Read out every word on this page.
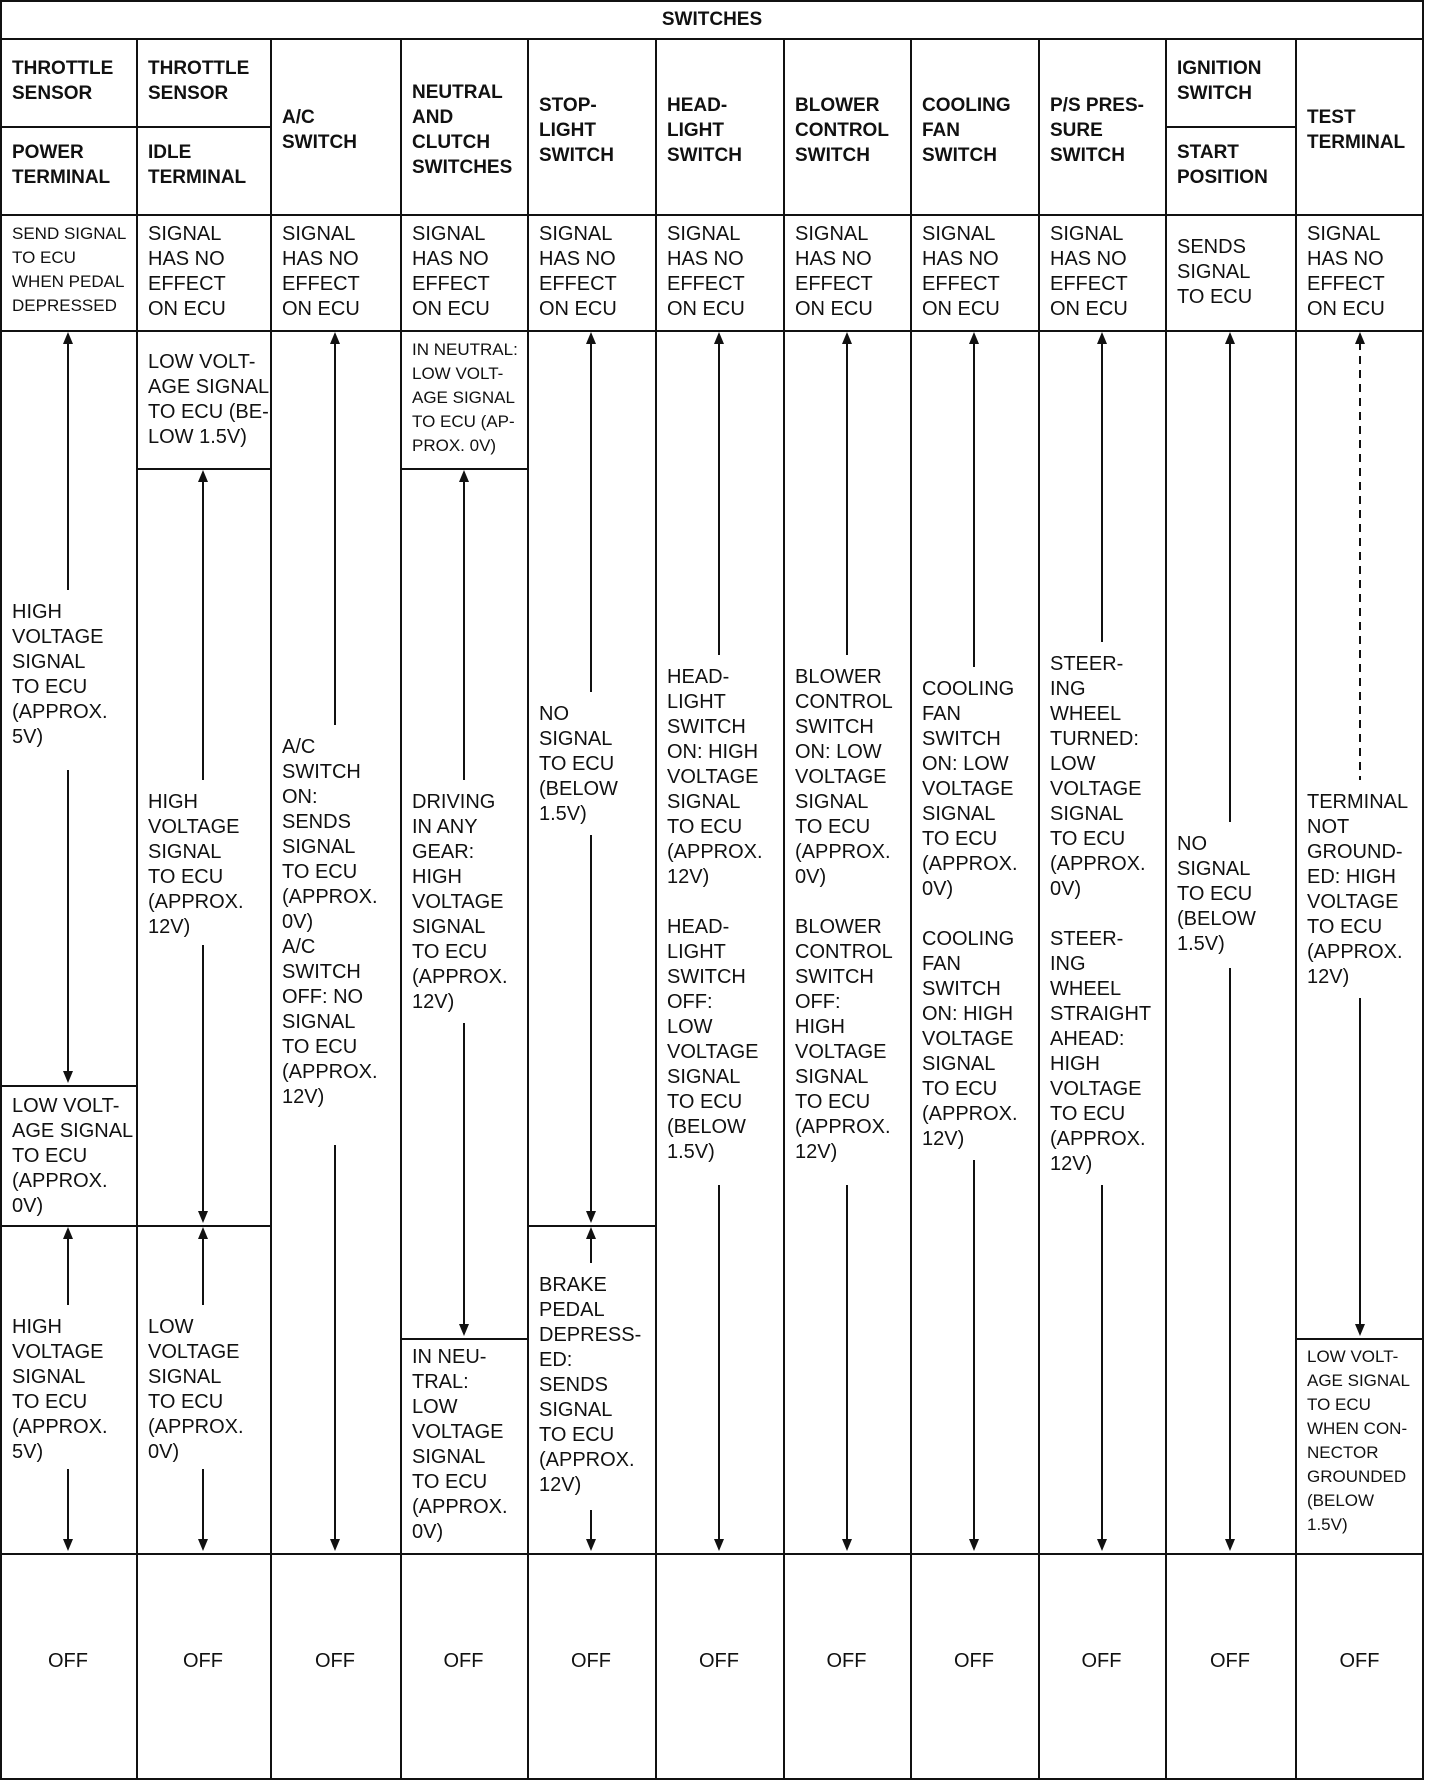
SWITCHES
THROTTLE
SENSOR
POWER
TERMINAL
SEND SIGNAL
TO ECU
WHEN PEDAL
DEPRESSED
HIGH
VOLTAGE
SIGNAL
TO ECU
(APPROX.
5V)
LOW VOLT-
AGE SIGNAL
TO ECU
(APPROX.
0V)
HIGH
VOLTAGE
SIGNAL
TO ECU
(APPROX.
5V)
OFF
THROTTLE
SENSOR
IDLE
TERMINAL
SIGNAL
HAS NO
EFFECT
ON ECU
LOW VOLT-
AGE SIGNAL
TO ECU (BE-
LOW 1.5V)
HIGH
VOLTAGE
SIGNAL
TO ECU
(APPROX.
12V)
LOW
VOLTAGE
SIGNAL
TO ECU
(APPROX.
0V)
OFF
A/C
SWITCH
SIGNAL
HAS NO
EFFECT
ON ECU
A/C
SWITCH
ON:
SENDS
SIGNAL
TO ECU
(APPROX.
0V)
A/C
SWITCH
OFF: NO
SIGNAL
TO ECU
(APPROX.
12V)
OFF
NEUTRAL
AND
CLUTCH
SWITCHES
SIGNAL
HAS NO
EFFECT
ON ECU
IN NEUTRAL:
LOW VOLT-
AGE SIGNAL
TO ECU (AP-
PROX. 0V)
DRIVING
IN ANY
GEAR:
HIGH
VOLTAGE
SIGNAL
TO ECU
(APPROX.
12V)
IN NEU-
TRAL:
LOW
VOLTAGE
SIGNAL
TO ECU
(APPROX.
0V)
OFF
STOP-
LIGHT
SWITCH
SIGNAL
HAS NO
EFFECT
ON ECU
NO
SIGNAL
TO ECU
(BELOW
1.5V)
BRAKE
PEDAL
DEPRESS-
ED:
SENDS
SIGNAL
TO ECU
(APPROX.
12V)
OFF
HEAD-
LIGHT
SWITCH
SIGNAL
HAS NO
EFFECT
ON ECU
HEAD-
LIGHT
SWITCH
ON: HIGH
VOLTAGE
SIGNAL
TO ECU
(APPROX.
12V)

HEAD-
LIGHT
SWITCH
OFF:
LOW
VOLTAGE
SIGNAL
TO ECU
(BELOW
1.5V)
OFF
BLOWER
CONTROL
SWITCH
SIGNAL
HAS NO
EFFECT
ON ECU
BLOWER
CONTROL
SWITCH
ON: LOW
VOLTAGE
SIGNAL
TO ECU
(APPROX.
0V)

BLOWER
CONTROL
SWITCH
OFF:
HIGH
VOLTAGE
SIGNAL
TO ECU
(APPROX.
12V)
OFF
COOLING
FAN
SWITCH
SIGNAL
HAS NO
EFFECT
ON ECU
COOLING
FAN
SWITCH
ON: LOW
VOLTAGE
SIGNAL
TO ECU
(APPROX.
0V)

COOLING
FAN
SWITCH
ON: HIGH
VOLTAGE
SIGNAL
TO ECU
(APPROX.
12V)
OFF
P/S PRES-
SURE
SWITCH
SIGNAL
HAS NO
EFFECT
ON ECU
STEER-
ING
WHEEL
TURNED:
LOW
VOLTAGE
SIGNAL
TO ECU
(APPROX.
0V)

STEER-
ING
WHEEL
STRAIGHT
AHEAD:
HIGH
VOLTAGE
TO ECU
(APPROX.
12V)
OFF
IGNITION
SWITCH
START
POSITION
SENDS
SIGNAL
TO ECU
NO
SIGNAL
TO ECU
(BELOW
1.5V)
OFF
TEST
TERMINAL
SIGNAL
HAS NO
EFFECT
ON ECU
TERMINAL
NOT
GROUND-
ED: HIGH
VOLTAGE
TO ECU
(APPROX.
12V)
LOW VOLT-
AGE SIGNAL
TO ECU
WHEN CON-
NECTOR
GROUNDED
(BELOW
1.5V)
OFF
